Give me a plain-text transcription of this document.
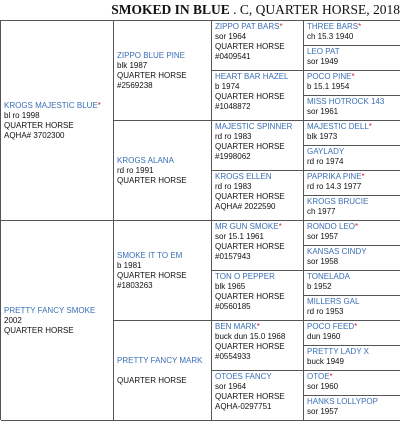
SMOKED IN BLUE . C, QUARTER HORSE, 2018
KROGS MAJESTIC BLUE*
bl ro 1998
QUARTER HORSE
AQHA# 3702300
PRETTY FANCY SMOKE
2002
QUARTER HORSE
ZIPPO BLUE PINE
blk 1987
QUARTER HORSE
#2569238
KROGS ALANA
rd ro 1991
QUARTER HORSE
SMOKE IT TO EM
b 1981
QUARTER HORSE
#1803263
PRETTY FANCY MARK

QUARTER HORSE
ZIPPO PAT BARS*
sor 1964
QUARTER HORSE
#0409541
HEART BAR HAZEL
b 1974
QUARTER HORSE
#1048872
MAJESTIC SPINNER
rd ro 1983
QUARTER HORSE
#1998062
KROGS ELLEN
rd ro 1983
QUARTER HORSE
AQHA# 2022590
MR GUN SMOKE*
sor 15.1 1961
QUARTER HORSE
#0157943
TON O PEPPER
blk 1965
QUARTER HORSE
#0560185
BEN MARK*
buck dun 15.0 1968
QUARTER HORSE
#0554933
OTOES FANCY
sor 1964
QUARTER HORSE
AQHA-0297751
THREE BARS*
ch 15.3 1940
LEO PAT
sor 1949
POCO PINE*
b 15.1 1954
MISS HOTROCK 143
sor 1961
MAJESTIC DELL*
blk 1973
GAYLADY
rd ro 1974
PAPRIKA PINE*
rd ro 14.3 1977
KROGS BRUCIE
ch 1977
RONDO LEO*
sor 1957
KANSAS CINDY
sor 1958
TONELADA
b 1952
MILLERS GAL
rd ro 1953
POCO FEED*
dun 1960
PRETTY LADY X
buck 1949
OTOE*
sor 1960
HANKS LOLLYPOP
sor 1957
